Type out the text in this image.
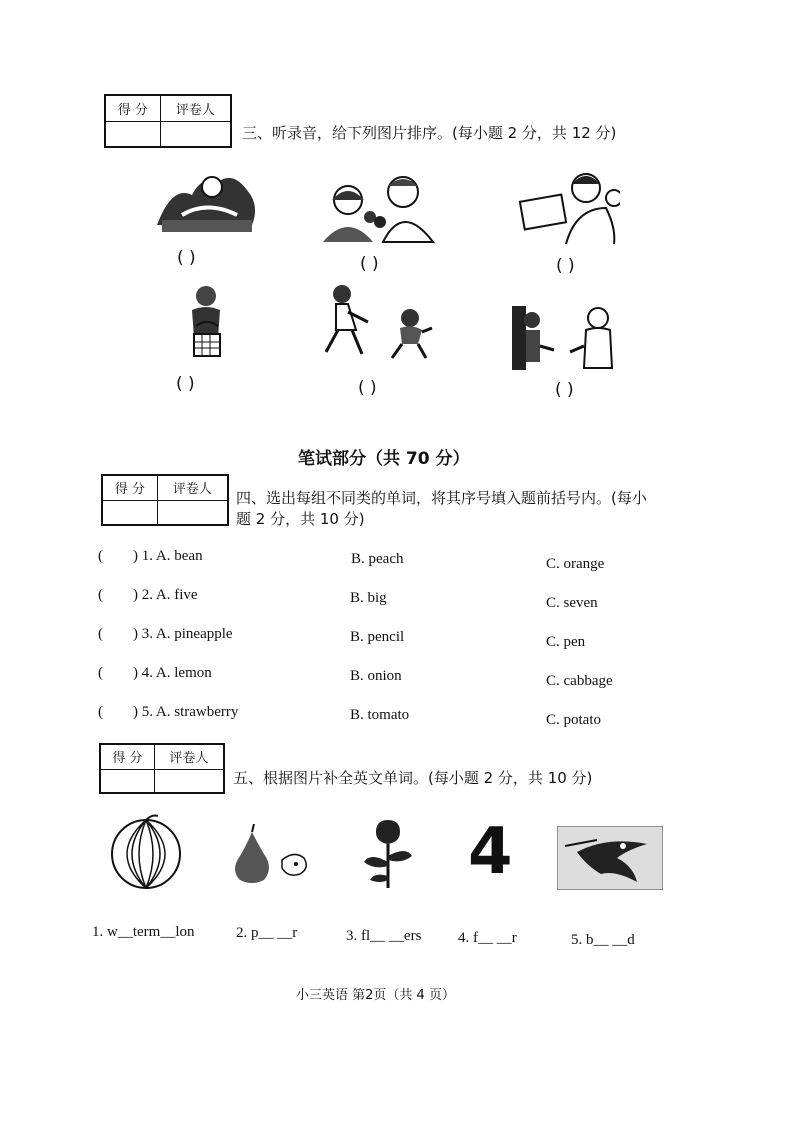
得 分	评卷人

三、听录音，给下列图片排序。(每小题 2 分，共 12 分)
( )	( )	( )
( )	( )	( )
笔试部分（共 70 分）
得 分	评卷人
	四、选出每组不同类的单词，将其序号填入题前括号内。(每小
题 2 分，共 10 分)
( ) 1. A. bean	B. peach	C. orange
( ) 2. A. five	B. big	C. seven
( ) 3. A. pineapple	B. pencil	C. pen
( ) 4. A. lemon	B. onion	C. cabbage
( ) 5. A. strawberry	B. tomato	C. potato
得 分	评卷人

五、根据图片补全英文单词。(每小题 2 分，共 10 分)
4
1. w__term__lon	2. p__ __r	3. fl__ __ers 4. f__ __r	5. b__ __d
小三英语 第2页（共 4 页）
